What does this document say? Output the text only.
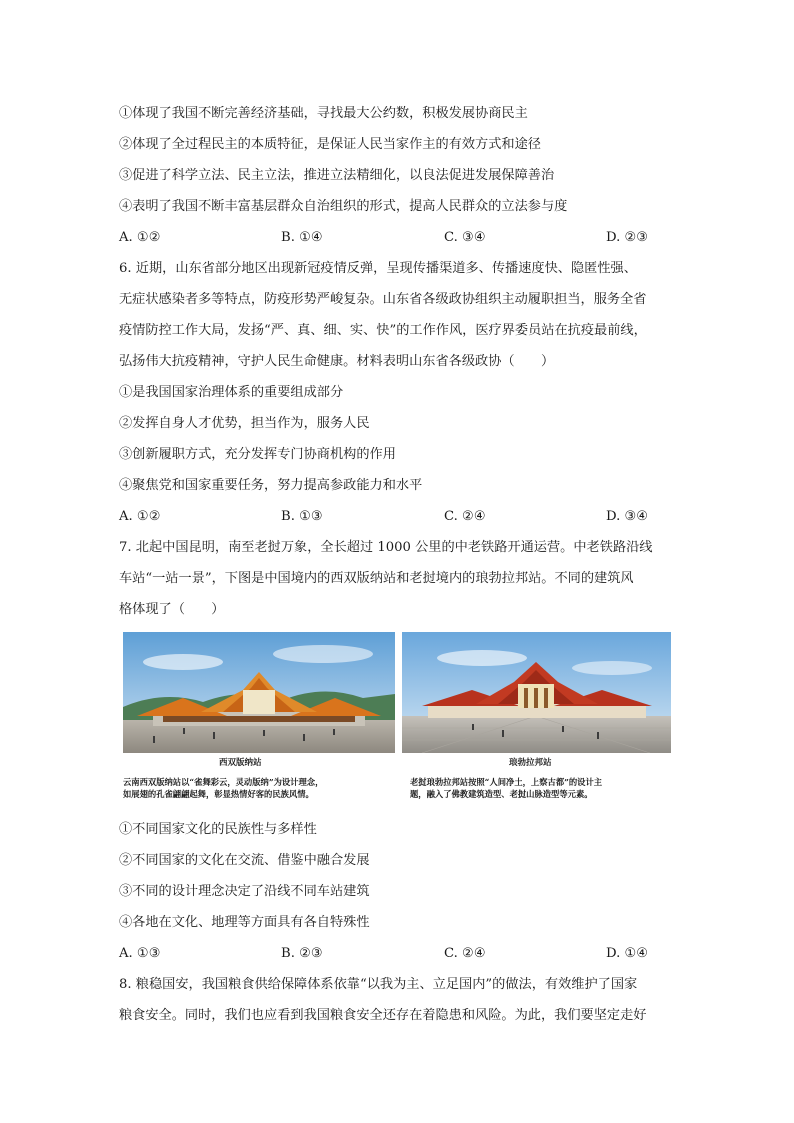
①体现了我国不断完善经济基础，寻找最大公约数，积极发展协商民主
②体现了全过程民主的本质特征，是保证人民当家作主的有效方式和途径
③促进了科学立法、民主立法，推进立法精细化，以良法促进发展保障善治
④表明了我国不断丰富基层群众自治组织的形式，提高人民群众的立法参与度
A. ①②	B. ①④	C. ③④	D. ②③
6. 近期，山东省部分地区出现新冠疫情反弹，呈现传播渠道多、传播速度快、隐匿性强、
无症状感染者多等特点，防疫形势严峻复杂。山东省各级政协组织主动履职担当，服务全省
疫情防控工作大局，发扬“严、真、细、实、快”的工作作风，医疗界委员站在抗疫最前线，
弘扬伟大抗疫精神，守护人民生命健康。材料表明山东省各级政协（　　）
①是我国国家治理体系的重要组成部分
②发挥自身人才优势，担当作为，服务人民
③创新履职方式，充分发挥专门协商机构的作用
④聚焦党和国家重要任务，努力提高参政能力和水平
A. ①②	B. ①③	C. ②④	D. ③④
7. 北起中国昆明，南至老挝万象，全长超过 1000 公里的中老铁路开通运营。中老铁路沿线
车站“一站一景”，下图是中国境内的西双版纳站和老挝境内的琅勃拉邦站。不同的建筑风
格体现了（　　）
西双版纳站	琅勃拉邦站
云南西双版纳站以“雀舞彩云，灵动版纳”为设计理念，
如展翅的孔雀翩翩起舞，彰显热情好客的民族风情。
老挝琅勃拉邦站按照“人间净土，上察古都”的设计主
题，融入了佛教建筑造型、老挝山脉造型等元素。
①不同国家文化的民族性与多样性
②不同国家的文化在交流、借鉴中融合发展
③不同的设计理念决定了沿线不同车站建筑
④各地在文化、地理等方面具有各自特殊性
A. ①③	B. ②③	C. ②④	D. ①④
8. 粮稳国安，我国粮食供给保障体系依靠“以我为主、立足国内”的做法，有效维护了国家
粮食安全。同时，我们也应看到我国粮食安全还存在着隐患和风险。为此，我们要坚定走好
